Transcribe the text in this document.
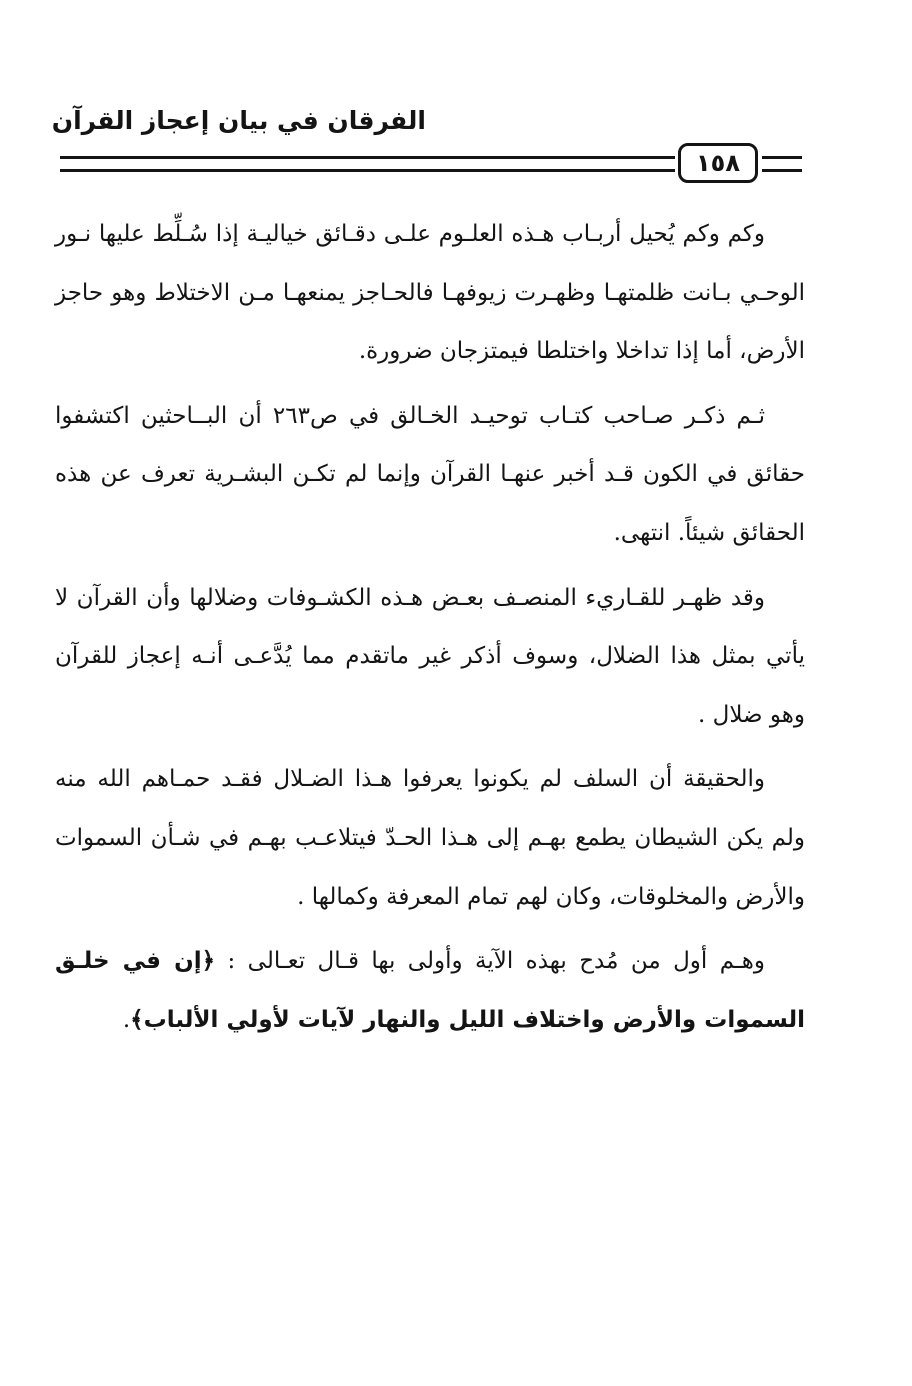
الفرقان في بيان إعجاز القرآن
١٥٨

وكم وكم يُحيل أربـاب هـذه العلـوم علـى دقـائق خياليـة إذا سُـلِّط عليها نـور الوحـي بـانت ظلمتهـا وظهـرت زيوفهـا فالحـاجز يمنعهـا مـن الاختلاط وهو حاجز الأرض، أما إذا تداخلا واختلطا فيمتزجان ضرورة.

ثـم ذكـر صـاحب كتـاب توحيـد الخـالق في ص٢٦٣ أن البــاحثين اكتشفوا حقائق في الكون قـد أخبر عنهـا القرآن وإنما لم تكـن البشـرية تعرف عن هذه الحقائق شيئاً. انتهى.

وقد ظهـر للقـاريء المنصـف بعـض هـذه الكشـوفات وضلالها وأن القرآن لا يأتي بمثل هذا الضلال، وسوف أذكر غير ماتقدم مما يُدَّعـى أنـه إعجاز للقرآن وهو ضلال .

والحقيقة أن السلف لم يكونوا يعرفوا هـذا الضـلال فقـد حمـاهم الله منه ولم يكن الشيطان يطمع بهـم إلى هـذا الحـدّ فيتلاعـب بهـم في شـأن السموات والأرض والمخلوقات، وكان لهم تمام المعرفة وكمالها .

وهـم أول من مُدح بهذه الآية وأولى بها قـال تعـالى : ﴿إن في خلـق السموات والأرض واختلاف الليل والنهار لآيات لأولي الألباب﴾.
